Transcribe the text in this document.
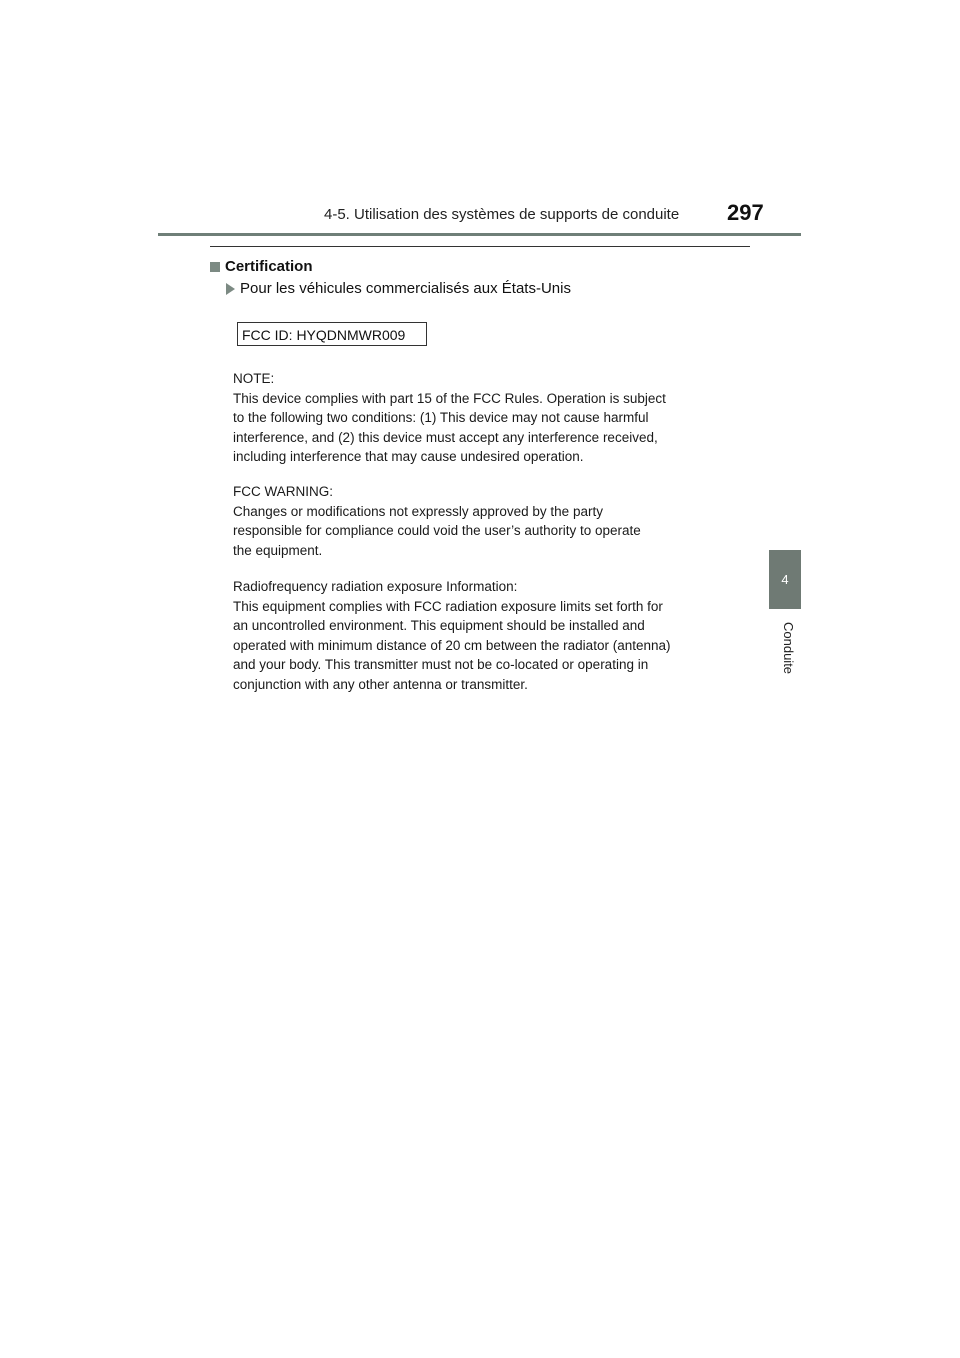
4-5. Utilisation des systèmes de supports de conduite 297
4
Conduite
Certification
Pour les véhicules commercialisés aux États-Unis
FCC ID: HYQDNMWR009

NOTE:
This device complies with part 15 of the FCC Rules. Operation is subject
to the following two conditions: (1) This device may not cause harmful
interference, and (2) this device must accept any interference received,
including interference that may cause undesired operation.

FCC WARNING:
Changes or modifications not expressly approved by the party
responsible for compliance could void the user’s authority to operate
the equipment.

Radiofrequency radiation exposure Information:
This equipment complies with FCC radiation exposure limits set forth for
an uncontrolled environment. This equipment should be installed and
operated with minimum distance of 20 cm between the radiator (antenna)
and your body. This transmitter must not be co-located or operating in
conjunction with any other antenna or transmitter.
